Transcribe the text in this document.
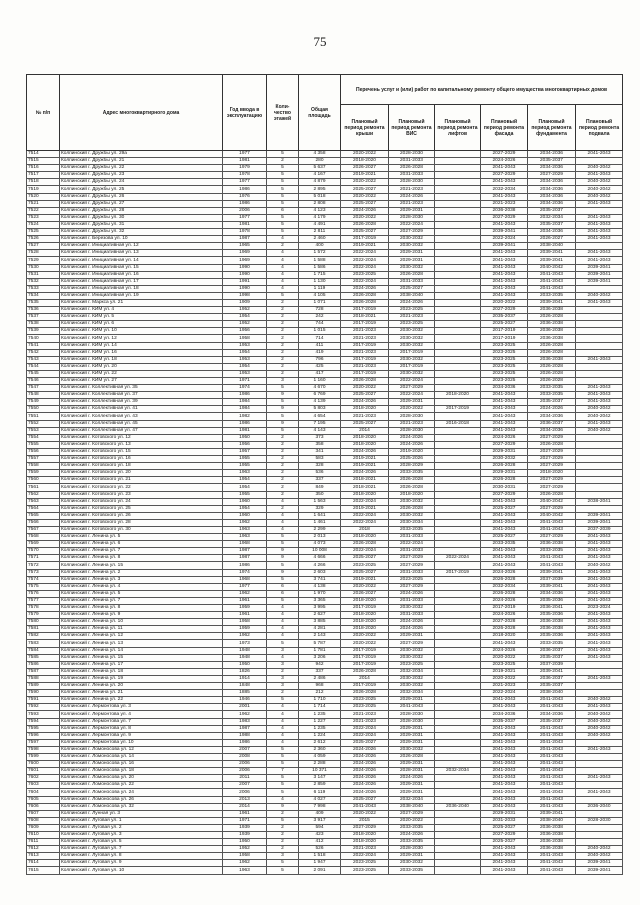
75
№ п/п	Адрес многоквартирного дома	Год ввода в эксплуатацию	Коли-чество этажей	Общая площадь	Перечень услуг и (или) работ по капитальному ремонту общего имущества многоквартирных домов					
					Плановый период ремонта крыши	Плановый период ремонта ВИС	Плановый период ремонта лифтов	Плановый период ремонта фасада	Плановый период ремонта фундамента	Плановый период ремонта подвала
7514	Колпинский г. Дружбы ул. 29а	1977	5	4 358	2020-2022	2028-2030		2027-2029	2034-2036	2041-2043
7515	Колпинский г. Дружбы ул. 21	1981	2	280	2018-2020	2031-2033		2024-2026	2035-2037	
7516	Колпинский г. Дружбы ул. 22	1979	5	5 637	2026-2027	2026-2028		2041-2043	2034-2036	2040-2042
7517	Колпинский г. Дружбы ул. 23	1978	5	4 167	2019-2021	2031-2033		2027-2029	2027-2029	2041-2043
7518	Колпинский г. Дружбы ул. 24	1977	5	4 879	2020-2022	2028-2030		2041-2043	2034-2036	2040-2042
7519	Колпинский г. Дружбы ул. 25	1986	5	2 895	2025-2027	2021-2023		2032-2034	2034-2036	2040-2042
7520	Колпинский г. Дружбы ул. 26	1976	5	5 018	2020-2022	2024-2026		2041-2043	2034-2036	2040-2042
7521	Колпинский г. Дружбы ул. 27	1986	5	2 808	2025-2027	2021-2023		2021-2023	2034-2036	2041-2043
7522	Колпинский г. Дружбы ул. 28	2006	6	4 123	2024-2026	2029-2031		2036-2038	2035-2037	
7523	Колпинский г. Дружбы ул. 30	1977	5	4 179	2020-2022	2028-2030		2027-2029	2032-2034	2041-2043
7524	Колпинский г. Дружбы ул. 31	1981	5	4 491	2026-2028	2022-2024		2041-2043	2035-2037	2041-2043
7525	Колпинский г. Дружбы ул. 32	1978	5	2 811	2025-2027	2027-2029		2039-2041	2034-2036	2041-2043
7526	Колпинский г. Березова ул. 10	1987	4	2 460	2017-2019	2030-2032		2022-2024	2026-2027	2041-2043
7527	Колпинский г. Инициативная ул. 12	1965	2	400	2019-2021	2030-2032		2039-2041	2038-2040	
7528	Колпинский г. Инициативная ул. 13	1969	4	1 572	2022-2024	2029-2031		2041-2043	2039-2041	2041-2043
7529	Колпинский г. Инициативная ул. 14	1969	4	1 588	2022-2024	2029-2031		2041-2043	2039-2041	2041-2043
7530	Колпинский г. Инициативная ул. 15	1990	4	1 586	2022-2024	2030-2032		2041-2043	2040-2042	2039-2041
7531	Колпинский г. Инициативная ул. 16	1990	4	1 715	2023-2025	2026-2028		2041-2043	2041-2043	2039-2041
7532	Колпинский г. Инициативная ул. 17	1991	4	1 130	2022-2024	2031-2033		2041-2043	2041-2043	2039-2041
7533	Колпинский г. Инициативная ул. 18	1990	4	1 119	2024-2026	2025-2027		2041-2043	2041-2043	
7534	Колпинский г. Инициативная ул. 19	1998	5	4 105	2026-2028	2038-2040		2041-2043	2033-2035	2040-2042
7535	Колпинский г. Маркса ул. 21	1909	2	1 071	2026-2028	2024-2026		2020-2022	2039-2041	2041-2043
7536	Колпинский г. КИМ ул. 4	1952	2	728	2017-2019	2023-2025		2027-2029	2036-2038	
7537	Колпинский г. КИМ ул. 5	1954	2	242	2018-2021	2021-2023		2035-2037	2026-2028	
7538	Колпинский г. КИМ ул. 6	1952	2	744	2017-2019	2023-2025		2025-2027	2036-2038	
7539	Колпинский г. КИМ ул. 10	1956	2	1 015	2021-2023	2030-2032		2017-2019	2036-2038	
7540	Колпинский г. КИМ ул. 12	1958	2	714	2021-2023	2030-2032		2017-2019	2036-2038	
7541	Колпинский г. КИМ ул. 14	1953	2	411	2017-2019	2030-2032		2023-2025	2026-2028	
7542	Колпинский г. КИМ ул. 16	1954	2	419	2021-2023	2017-2019		2023-2025	2026-2028	
7543	Колпинский г. КИМ ул. 18	1953	2	796	2017-2019	2030-2032		2023-2025	2036-2038	2041-2043
7544	Колпинский г. КИМ ул. 20	1954	2	425	2021-2023	2017-2019		2023-2025	2026-2028	
7545	Колпинский г. КИМ ул. 22	1953	2	417	2017-2019	2030-2032		2023-2025	2026-2028	
7546	Колпинский г. КИМ ул. 27	1971	3	1 160	2026-2028	2022-2024		2023-2025	2026-2028	
7547	Колпинский г. Коллективная ул. 35	1974	5	4 670	2020-2022	2027-2029		2034-2036	2033-2035	2041-2043
7548	Колпинский г. Коллективная ул. 37	1986	9	6 769	2025-2027	2022-2024	2018-2020	2041-2043	2033-2035	2041-2043
7549	Колпинский г. Коллективная ул. 39	1984	5	4 139	2024-2026	2029-2031		2041-2043	2035-2037	2041-2043
7550	Колпинский г. Коллективная ул. 41	1984	9	5 803	2018-2020	2020-2022	2017-2019	2041-2043	2024-2026	2040-2042
7551	Колпинский г. Коллективная ул. 43	1982	5	4 654	2021-2023	2028-2030		2041-2043	2034-2036	2040-2042
7552	Колпинский г. Коллективная ул. 45	1986	9	7 195	2025-2027	2021-2023	2016-2018	2041-2043	2036-2037	2041-2043
7553	Колпинский г. Коллективная ул. 47	1981	5	4 143	2014	2028-2030		2041-2043	2034-2036	2040-2042
7554	Колпинский г. Котовского ул. 12	1950	2	373	2018-2020	2024-2026		2024-2026	2027-2029	
7555	Колпинский г. Котовского ул. 13	1956	2	358	2018-2020	2024-2026		2027-2029	2026-2028	
7556	Колпинский г. Котовского ул. 15	1957	2	341	2024-2026	2019-2020		2029-2031	2027-2029	
7557	Колпинский г. Котовского ул. 16	1955	2	583	2019-2021	2025-2026		2030-2032	2027-2029	
7558	Колпинский г. Котовского ул. 18	1955	2	328	2019-2021	2028-2029		2026-2028	2027-2029	
7559	Колпинский г. Котовского ул. 20	1963	2	536	2024-2026	2033-2035		2029-2031	2018-2020	
7560	Колпинский г. Котовского ул. 21	1954	2	337	2018-2021	2026-2028		2026-2028	2027-2029	
7561	Колпинский г. Котовского ул. 22	1954	2	849	2018-2021	2026-2028		2030-2031	2027-2029	
7562	Колпинский г. Котовского ул. 23	1955	2	350	2018-2020	2018-2020		2027-2029	2026-2028	
7563	Колпинский г. Котовского ул. 24	1960	4	1 563	2022-2024	2030-2032		2041-2043	2040-2042	2038-2041
7564	Колпинский г. Котовского ул. 25	1954	2	329	2019-2021	2026-2028		2025-2027	2027-2029	
7565	Колпинский г. Котовского ул. 26	1960	4	1 641	2022-2024	2030-2032		2041-2043	2040-2042	2039-2041
7566	Колпинский г. Котовского ул. 28	1962	4	1 461	2022-2024	2030-2034		2041-2043	2041-2043	2039-2041
7567	Колпинский г. Котовского ул. 30	1963	4	2 299	2018	2033-2035		2041-2043	2041-2043	2037-2039
7568	Колпинский г. Ленина ул. 5	1963	5	2 013	2018-2020	2031-2033		2025-2027	2027-2029	2041-2043
7569	Колпинский г. Ленина ул. 6	1968	5	4 073	2026-2028	2022-2024		2033-2035	2036-2038	2041-2043
7570	Колпинский г. Ленина ул. 7	1987	9	10 008	2022-2024	2031-2033		2041-2043	2033-2035	2041-2043
7571	Колпинский г. Ленина ул. 8	1987	9	4 666	2025-2027	2027-2029	2022-2024	2041-2043	2041-2043	2041-2043
7572	Колпинский г. Ленина ул. 15	1986	5	4 266	2023-2025	2027-2029		2041-2043	2041-2043	2040-2042
7573	Колпинский г. Ленина ул. 2	1974	9	2 603	2025-2027	2031-2033	2017-2019	2024-2026	2039-2041	2041-2043
7574	Колпинский г. Ленина ул. 3	1968	5	3 741	2019-2021	2023-2025		2026-2028	2037-2039	2041-2043
7575	Колпинский г. Ленина ул. 4	1977	6	4 138	2020-2022	2027-2029		2032-2034	2039-2041	2041-2043
7576	Колпинский г. Ленина ул. 5	1962	6	1 970	2026-2027	2024-2026		2026-2028	2034-2036	2041-2043
7577	Колпинский г. Ленина ул. 7	1961	5	3 365	2018-2020	2031-2033		2024-2026	2035-2036	2041-2043
7578	Колпинский г. Ленина ул. 8	1959	4	3 995	2017-2019	2030-2032		2017-2019	2036-2041	2023-2024
7579	Колпинский г. Ленина ул. 9	1961	4	2 627	2018-2020	2031-2033		2024-2026	2035-2036	2041-2043
7580	Колпинский г. Ленина ул. 10	1958	4	3 885	2018-2020	2024-2026		2027-2028	2036-2038	2041-2043
7581	Колпинский г. Ленина ул. 11	1959	4	4 281	2018-2020	2024-2026		2026-2028	2036-2038	2041-2043
7582	Колпинский г. Ленина ул. 12	1962	4	2 143	2020-2022	2029-2031		2018-2020	2035-2036	2041-2043
7583	Колпинский г. Ленина ул. 13	1973	5	5 787	2020-2022	2027-2029		2041-2043	2033-2035	2041-2043
7584	Колпинский г. Ленина ул. 14	1948	3	1 781	2017-2019	2030-2032		2024-2026	2036-2037	2041-2043
7585	Колпинский г. Ленина ул. 15	1948	4	3 206	2017-2019	2030-2032		2020-2022	2035-2037	2041-2043
7586	Колпинский г. Ленина ул. 17	1950	3	942	2017-2019	2023-2025		2023-2025	2037-2039	
7587	Колпинский г. Ленина ул. 18	1826	2	337	2026-2028	2032-2034		2019-2021	2039-2041	
7588	Колпинский г. Ленина ул. 19	1914	3	2 486	2014	2030-2032		2020-2022	2036-2037	2041-2043
7589	Колпинский г. Ленина ул. 20	1848	3	968	2017-2019	2030-2032		2021-2023	2035-2037	
7590	Колпинский г. Ленина ул. 21	1885	2	212	2026-2028	2032-2034		2022-2024	2038-2040	
7591	Колпинский г. Ленина ул. 22	1946	5	1 710	2023-2025	2029-2031		2041-2043	2041-2043	2040-2042
7592	Колпинский г. Лермонтова ул. 3	2001	4	1 714	2023-2025	2041-2043		2041-2043	2041-2043	2041-2043
7593	Колпинский г. Лермонтова ул. 4	1962	4	1 235	2021-2023	2028-2030		2034-2036	2034-2036	2040-2042
7594	Колпинский г. Лермонтова ул. 7	1983	4	1 227	2021-2023	2028-2030		2035-2037	2035-2037	2040-2042
7595	Колпинский г. Лермонтова ул. 8	1987	4	1 235	2022-2024	2029-2031		2041-2043	2041-2043	2040-2042
7596	Колпинский г. Лермонтова ул. 9	1988	4	1 224	2022-2024	2029-2031		2041-2043	2041-2043	2040-2042
7597	Колпинский г. Лермонтова ул. 10	1986	4	2 612	2025-2027	2029-2031		2041-2043	2041-2043	
7598	Колпинский г. Ломоносова ул. 12	2007	5	2 360	2024-2026	2030-2032		2041-2043	2041-2043	2041-2043
7599	Колпинский г. Ломоносова ул. 14	2008	5	4 059	2024-2026	2026-2028		2041-2043	2041-2043	
7600	Колпинский г. Ломоносова ул. 16	2006	5	2 288	2024-2026	2029-2031		2041-2043	2041-2043	
7601	Колпинский г. Ломоносова ул. 18	2006	7	10 371	2024-2026	2028-2031	2032-2034	2041-2043	2041-2043	
7602	Колпинский г. Ломоносова ул. 20	2011	5	3 147	2024-2026	2024-2026		2041-2043	2041-2043	2041-2043
7603	Колпинский г. Ломоносова ул. 22	2007	5	2 859	2024-2026	2029-2031		2041-2043	2041-2043	
7604	Колпинский г. Ломоносова ул. 24	2006	5	6 119	2024-2026	2029-2031		2041-2043	2041-2043	2041-2043
7605	Колпинский г. Ломоносова ул. 26	2013	4	4 027	2025-2027	2032-2034		2041-2043	2041-2043	
7606	Колпинский г. Ломоносова ул. 32	2014	9	7 998	2041-2043	2038-2040	2036-2040	2041-2043	2041-2043	2036-2040
7607	Колпинский г. Лунная ул. 3	1961	2	409	2020-2022	2027-2029		2029-2031	2039-2041	
7608	Колпинский г. Луговая ул. 1	1971	5	3 917	2015	2020-2022		2031-2033	2038-2040	2028-2030
7609	Колпинский г. Луговая ул. 2	1939	2	594	2027-2029	2033-2035		2025-2027	2036-2038	
7610	Колпинский г. Луговая ул. 3	1939	2	423	2018-2020	2024-2026		2027-2029	2036-2038	
7611	Колпинский г. Луговая ул. 5	1950	2	412	2018-2020	2033-2035		2025-2027	2036-2038	
7612	Колпинский г. Луговая ул. 7	1952	2	526	2021-2023	2028-2030		2041-2043	2036-2038	2040-2042
7613	Колпинский г. Луговая ул. 8	1958	3	1 518	2022-2024	2029-2031		2041-2043	2041-2043	2040-2042
7614	Колпинский г. Луговая ул. 9	1962	5	1 947	2023-2025	2030-2032		2041-2043	2041-2043	2039-2041
7615	Колпинский г. Луговая ул. 10	1963	5	2 091	2023-2025	2033-2035		2041-2043	2041-2043	2039-2041
